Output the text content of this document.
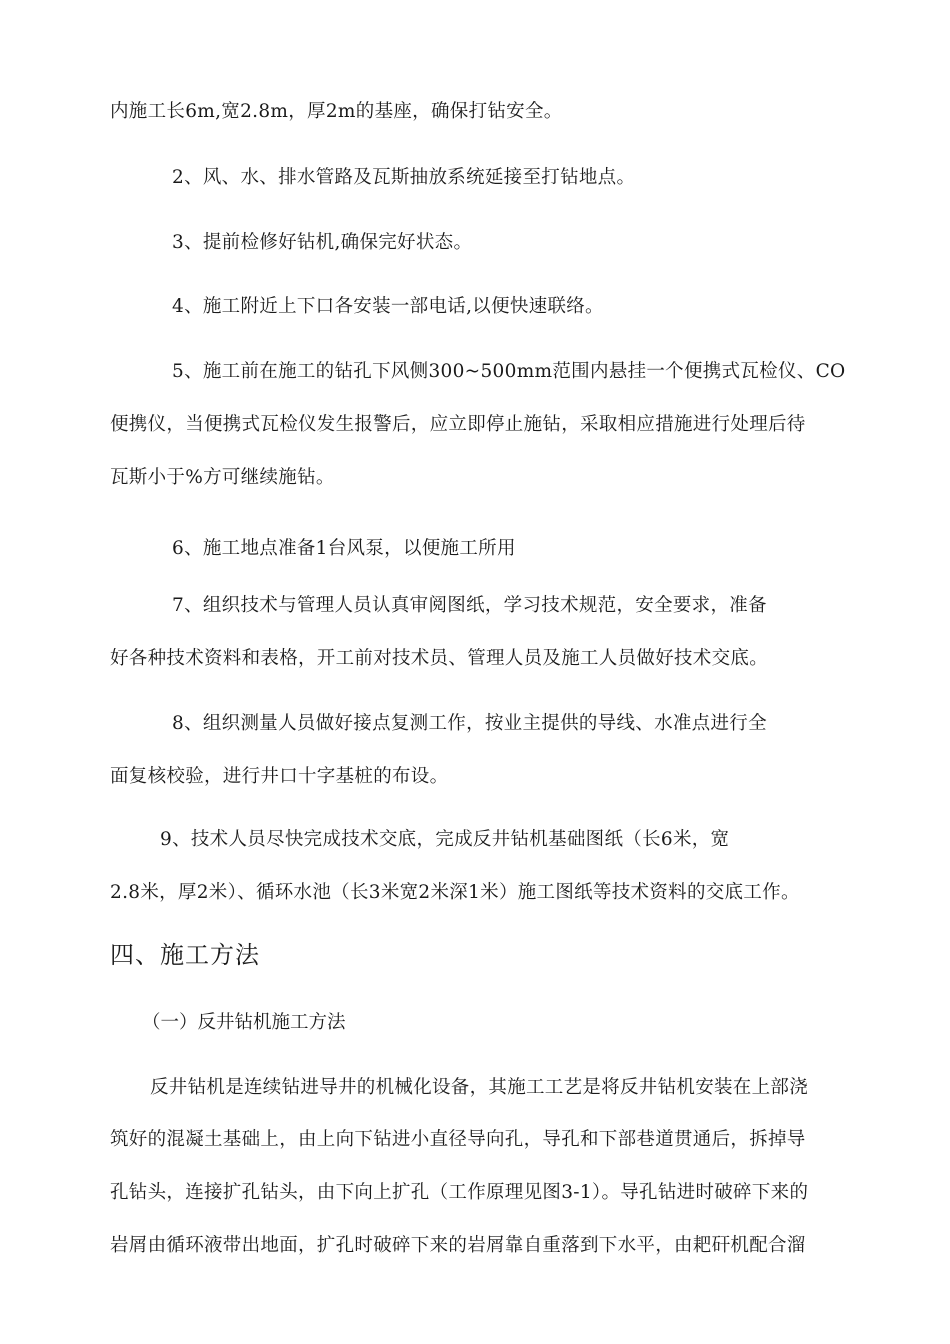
内施工长6m,宽2.8m，厚2m的基座，确保打钻安全。
2、风、水、排水管路及瓦斯抽放系统延接至打钻地点。
3、提前检修好钻机,确保完好状态。
4、施工附近上下口各安装一部电话,以便快速联络。
5、施工前在施工的钻孔下风侧300~500mm范围内悬挂一个便携式瓦检仪、CO
便携仪，当便携式瓦检仪发生报警后，应立即停止施钻，采取相应措施进行处理后待
瓦斯小于%方可继续施钻。
6、施工地点准备1台风泵，以便施工所用
7、组织技术与管理人员认真审阅图纸，学习技术规范，安全要求，准备
好各种技术资料和表格，开工前对技术员、管理人员及施工人员做好技术交底。
8、组织测量人员做好接点复测工作，按业主提供的导线、水准点进行全
面复核校验，进行井口十字基桩的布设。
9、技术人员尽快完成技术交底，完成反井钻机基础图纸（长6米，宽
2.8米，厚2米）、循环水池（长3米宽2米深1米）施工图纸等技术资料的交底工作。
四、施工方法
（一）反井钻机施工方法
反井钻机是连续钻进导井的机械化设备，其施工工艺是将反井钻机安装在上部浇
筑好的混凝土基础上，由上向下钻进小直径导向孔，导孔和下部巷道贯通后，拆掉导
孔钻头，连接扩孔钻头，由下向上扩孔（工作原理见图3-1）。导孔钻进时破碎下来的
岩屑由循环液带出地面，扩孔时破碎下来的岩屑靠自重落到下水平，由耙矸机配合溜
